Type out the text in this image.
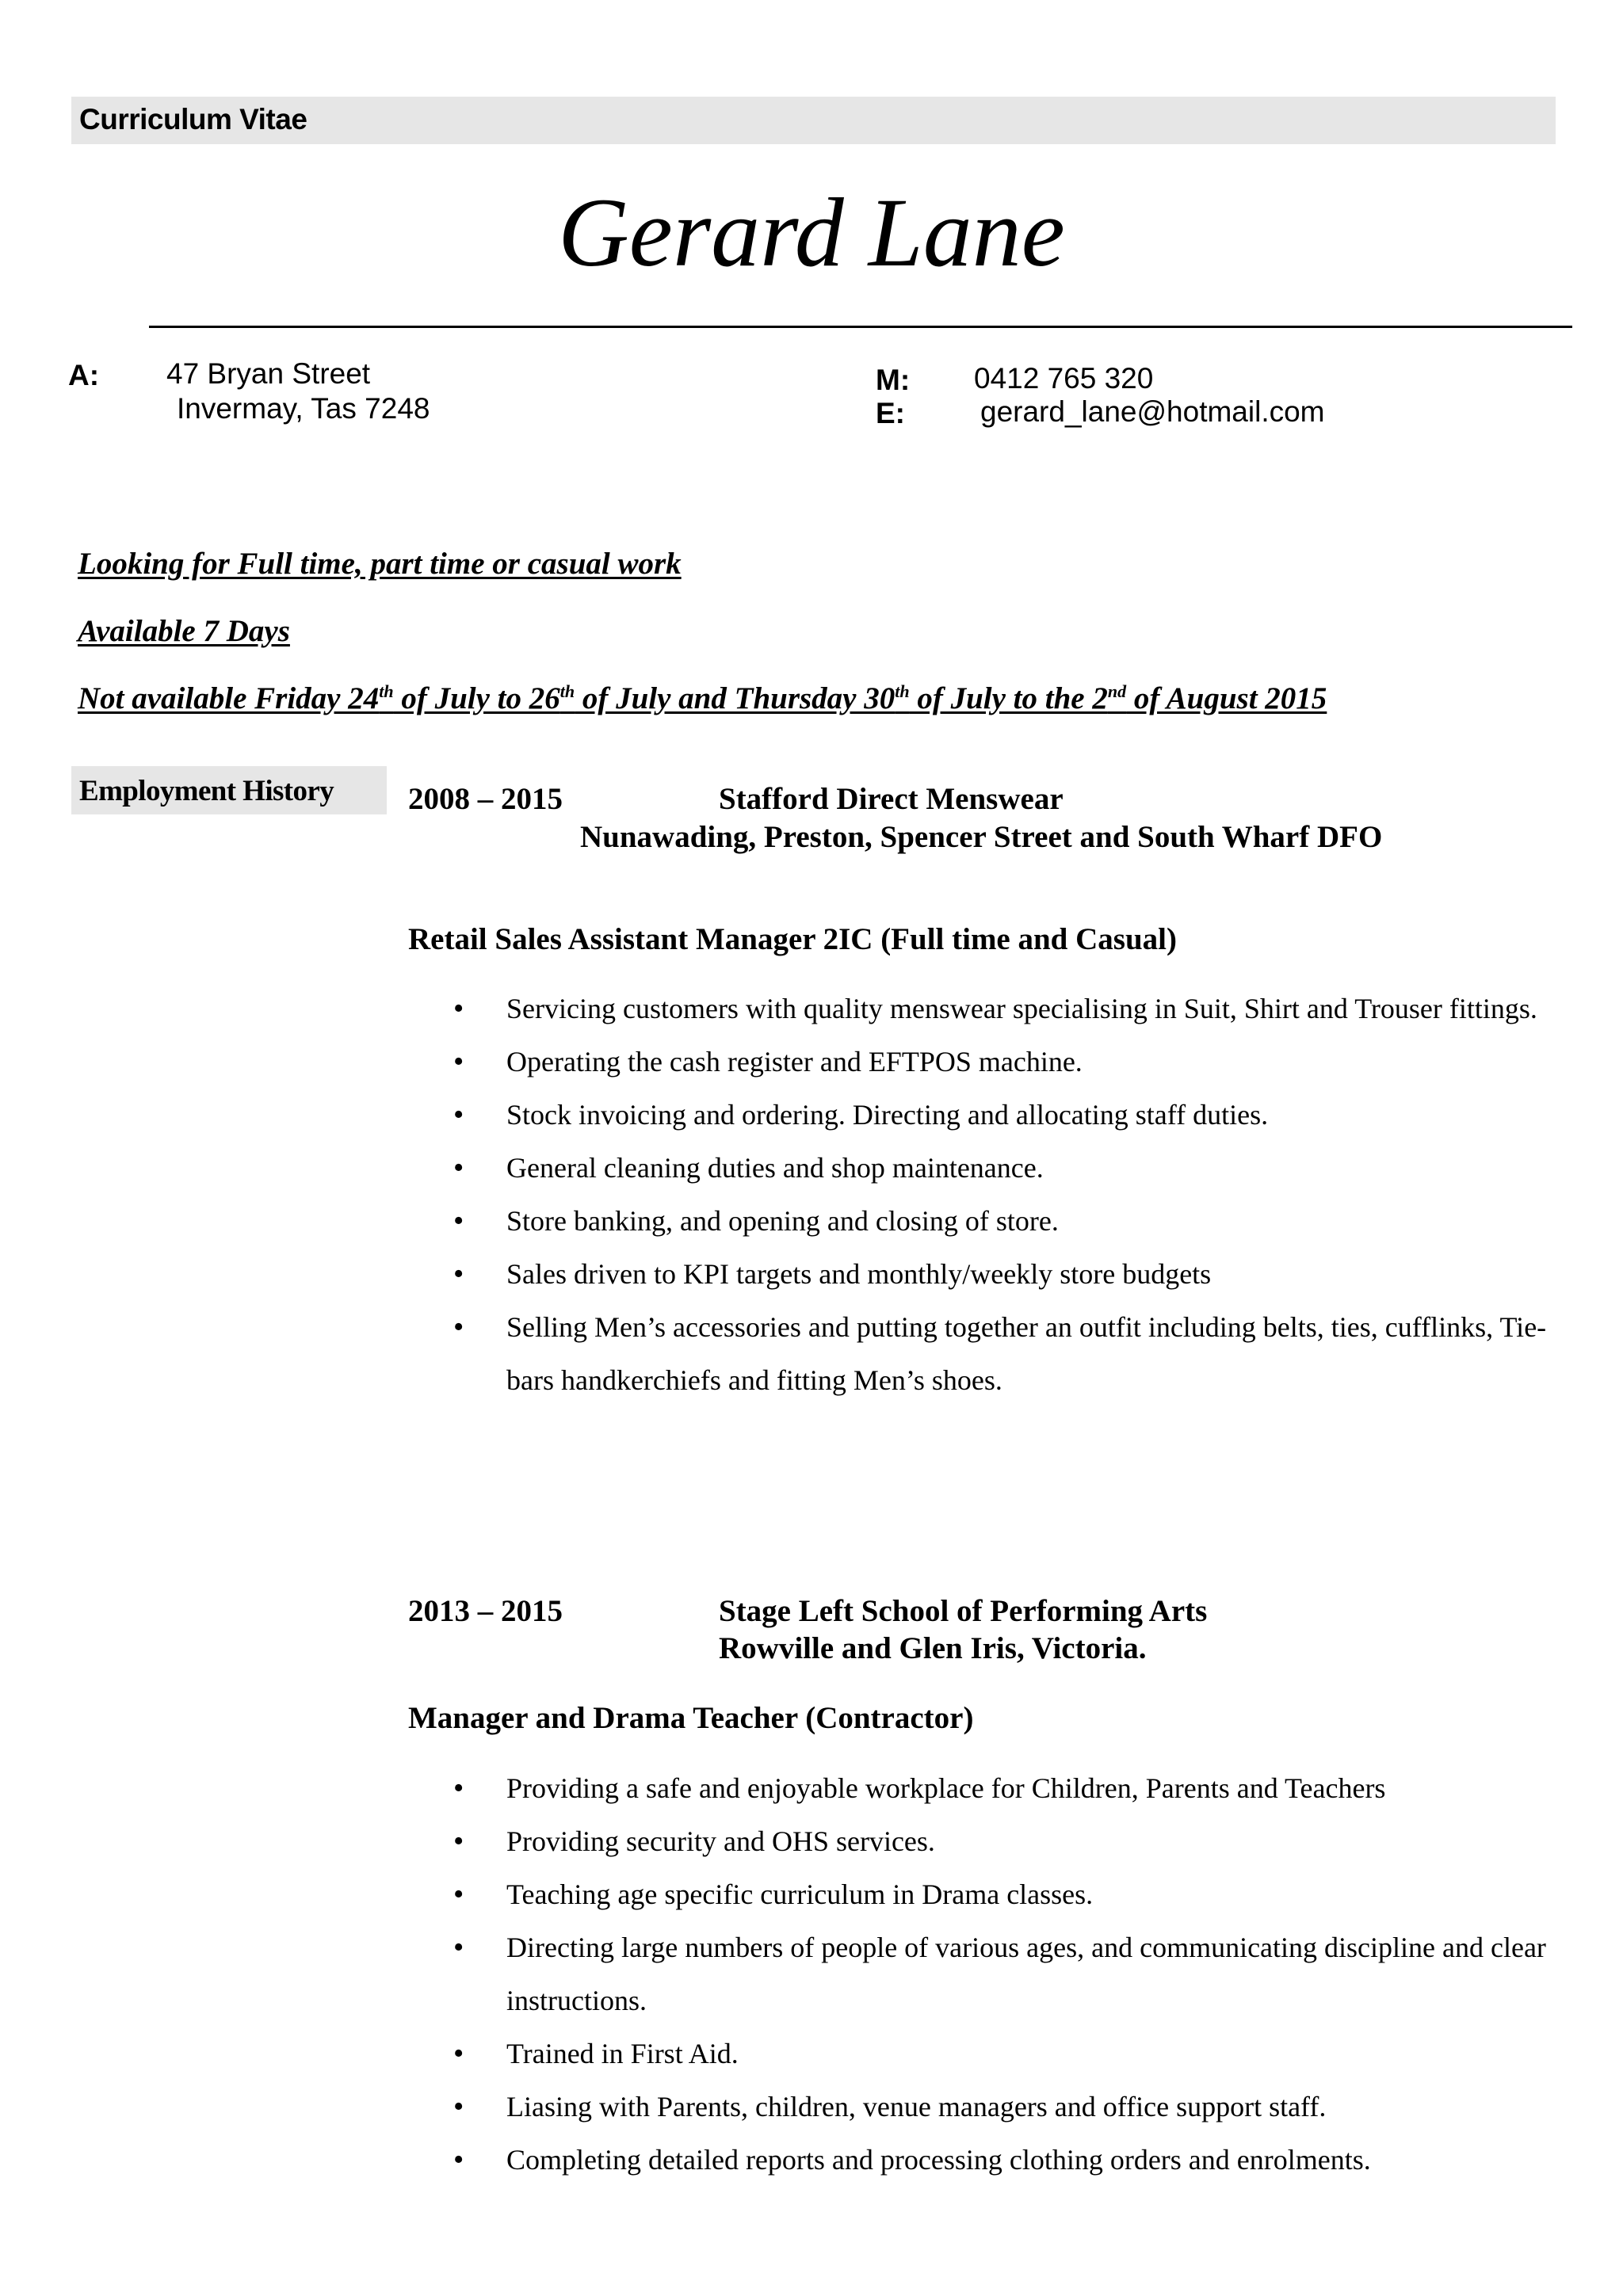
Curriculum Vitae
Gerard Lane
A: 47 Bryan Street
Invermay, Tas 7248
M: 0412 765 320
E:	gerard_lane@hotmail.com
Looking for Full time, part time or casual work
Available 7 Days
Not available Friday 24th of July to 26th of July and Thursday 30th of July to the 2nd of August 2015
Employment History 2008 – 2015	Stafford Direct Menswear
Nunawading, Preston, Spencer Street and South Wharf DFO
Retail Sales Assistant Manager 2IC (Full time and Casual)
• Servicing customers with quality menswear specialising in Suit, Shirt and Trouser fittings.
• Operating the cash register and EFTPOS machine.
• Stock invoicing and ordering. Directing and allocating staff duties.
• General cleaning duties and shop maintenance.
• Store banking, and opening and closing of store.
• Sales driven to KPI targets and monthly/weekly store budgets
• Selling Men’s accessories and putting together an outfit including belts, ties, cufflinks, Tie-bars handkerchiefs and fitting Men’s shoes.
2013 – 2015	Stage Left School of Performing Arts
Rowville and Glen Iris, Victoria.
Manager and Drama Teacher (Contractor)
• Providing a safe and enjoyable workplace for Children, Parents and Teachers
• Providing security and OHS services.
• Teaching age specific curriculum in Drama classes.
• Directing large numbers of people of various ages, and communicating discipline and clear instructions.
• Trained in First Aid.
• Liasing with Parents, children, venue managers and office support staff.
• Completing detailed reports and processing clothing orders and enrolments.
